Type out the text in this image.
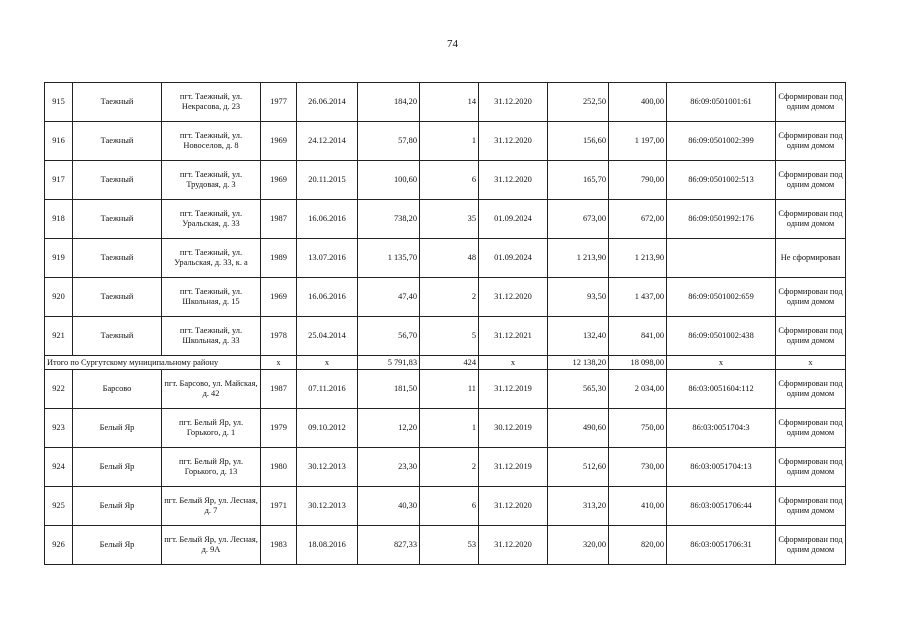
74
915	Таежный	пгт. Таежный, ул. Некрасова, д. 23	1977	26.06.2014	184,20	14	31.12.2020	252,50	400,00	86:09:0501001:61	Сформирован под одним домом
916	Таежный	пгт. Таежный, ул. Новоселов, д. 8	1969	24.12.2014	57,80	1	31.12.2020	156,60	1 197,00	86:09:0501002:399	Сформирован под одним домом
917	Таежный	пгт. Таежный, ул. Трудовая, д. 3	1969	20.11.2015	100,60	6	31.12.2020	165,70	790,00	86:09:0501002:513	Сформирован под одним домом
918	Таежный	пгт. Таежный, ул. Уральская, д. 33	1987	16.06.2016	738,20	35	01.09.2024	673,00	672,00	86:09:0501992:176	Сформирован под одним домом
919	Таежный	пгт. Таежный, ул. Уральская, д. 33, к. а	1989	13.07.2016	1 135,70	48	01.09.2024	1 213,90	1 213,90		Не сформирован
920	Таежный	пгт. Таежный, ул. Школьная, д. 15	1969	16.06.2016	47,40	2	31.12.2020	93,50	1 437,00	86:09:0501002:659	Сформирован под одним домом
921	Таежный	пгт. Таежный, ул. Школьная, д. 33	1978	25.04.2014	56,70	5	31.12.2021	132,40	841,00	86:09:0501002:438	Сформирован под одним домом
Итого по Сургутскому муниципальному району			x	x	5 791,83	424	x	12 138,20	18 098,00	x	x
922	Барсово	пгт. Барсово, ул. Майская, д. 42	1987	07.11.2016	181,50	11	31.12.2019	565,30	2 034,00	86:03:0051604:112	Сформирован под одним домом
923	Белый Яр	пгт. Белый Яр, ул. Горького, д. 1	1979	09.10.2012	12,20	1	30.12.2019	490,60	750,00	86:03:0051704:3	Сформирован под одним домом
924	Белый Яр	пгт. Белый Яр, ул. Горького, д. 13	1980	30.12.2013	23,30	2	31.12.2019	512,60	730,00	86:03:0051704:13	Сформирован под одним домом
925	Белый Яр	пгт. Белый Яр, ул. Лесная, д. 7	1971	30.12.2013	40,30	6	31.12.2020	313,20	410,00	86:03:0051706:44	Сформирован под одним домом
926	Белый Яр	пгт. Белый Яр, ул. Лесная, д. 9А	1983	18.08.2016	827,33	53	31.12.2020	320,00	820,00	86:03:0051706:31	Сформирован под одним домом
